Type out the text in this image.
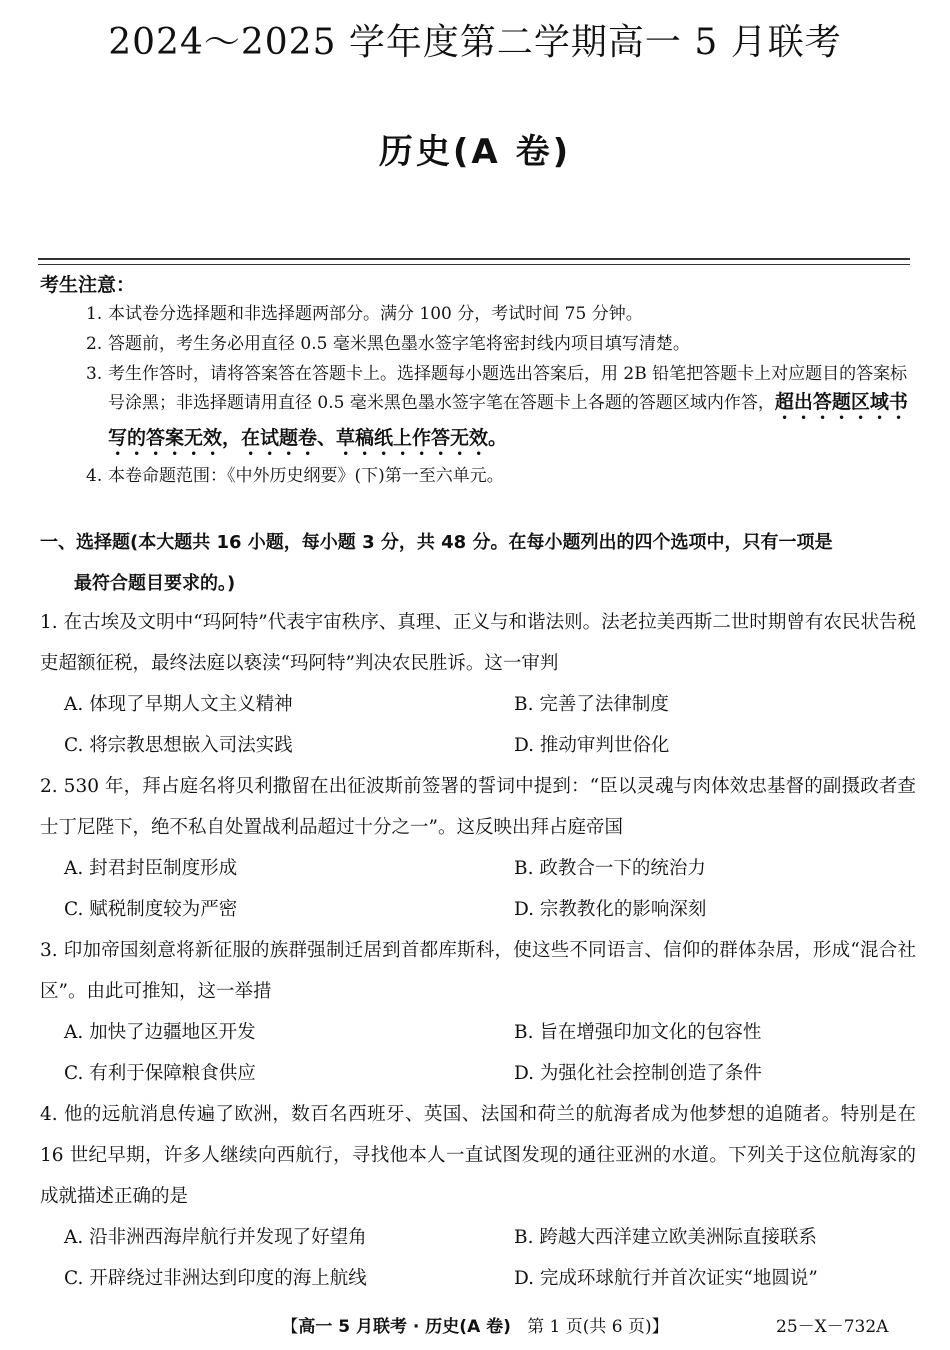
2024～2025 学年度第二学期高一 5 月联考
历史(A 卷)
考生注意：
1. 本试卷分选择题和非选择题两部分。满分 100 分，考试时间 75 分钟。
2. 答题前，考生务必用直径 0.5 毫米黑色墨水签字笔将密封线内项目填写清楚。
3. 考生作答时，请将答案答在答题卡上。选择题每小题选出答案后，用 2B 铅笔把答题卡上对应题目的答案标号涂黑；非选择题请用直径 0.5 毫米黑色墨水签字笔在答题卡上各题的答题区域内作答，超出答题区域书写的答案无效，在试题卷、草稿纸上作答无效。
4. 本卷命题范围：《中外历史纲要》(下)第一至六单元。
一、选择题(本大题共 16 小题，每小题 3 分，共 48 分。在每小题列出的四个选项中，只有一项是
最符合题目要求的。)
1. 在古埃及文明中“玛阿特”代表宇宙秩序、真理、正义与和谐法则。法老拉美西斯二世时期曾有农民状告税吏超额征税，最终法庭以亵渎“玛阿特”判决农民胜诉。这一审判
A. 体现了早期人文主义精神	B. 完善了法律制度
C. 将宗教思想嵌入司法实践	D. 推动审判世俗化
2. 530 年，拜占庭名将贝利撒留在出征波斯前签署的誓词中提到：“臣以灵魂与肉体效忠基督的副摄政者查士丁尼陛下，绝不私自处置战利品超过十分之一”。这反映出拜占庭帝国
A. 封君封臣制度形成	B. 政教合一下的统治力
C. 赋税制度较为严密	D. 宗教教化的影响深刻
3. 印加帝国刻意将新征服的族群强制迁居到首都库斯科，使这些不同语言、信仰的群体杂居，形成“混合社区”。由此可推知，这一举措
A. 加快了边疆地区开发	B. 旨在增强印加文化的包容性
C. 有利于保障粮食供应	D. 为强化社会控制创造了条件
4. 他的远航消息传遍了欧洲，数百名西班牙、英国、法国和荷兰的航海者成为他梦想的追随者。特别是在 16 世纪早期，许多人继续向西航行，寻找他本人一直试图发现的通往亚洲的水道。下列关于这位航海家的成就描述正确的是
A. 沿非洲西海岸航行并发现了好望角	B. 跨越大西洋建立欧美洲际直接联系
C. 开辟绕过非洲达到印度的海上航线	D. 完成环球航行并首次证实“地圆说”
【高一 5 月联考 · 历史(A 卷) 第 1 页(共 6 页)】	25－X－732A
